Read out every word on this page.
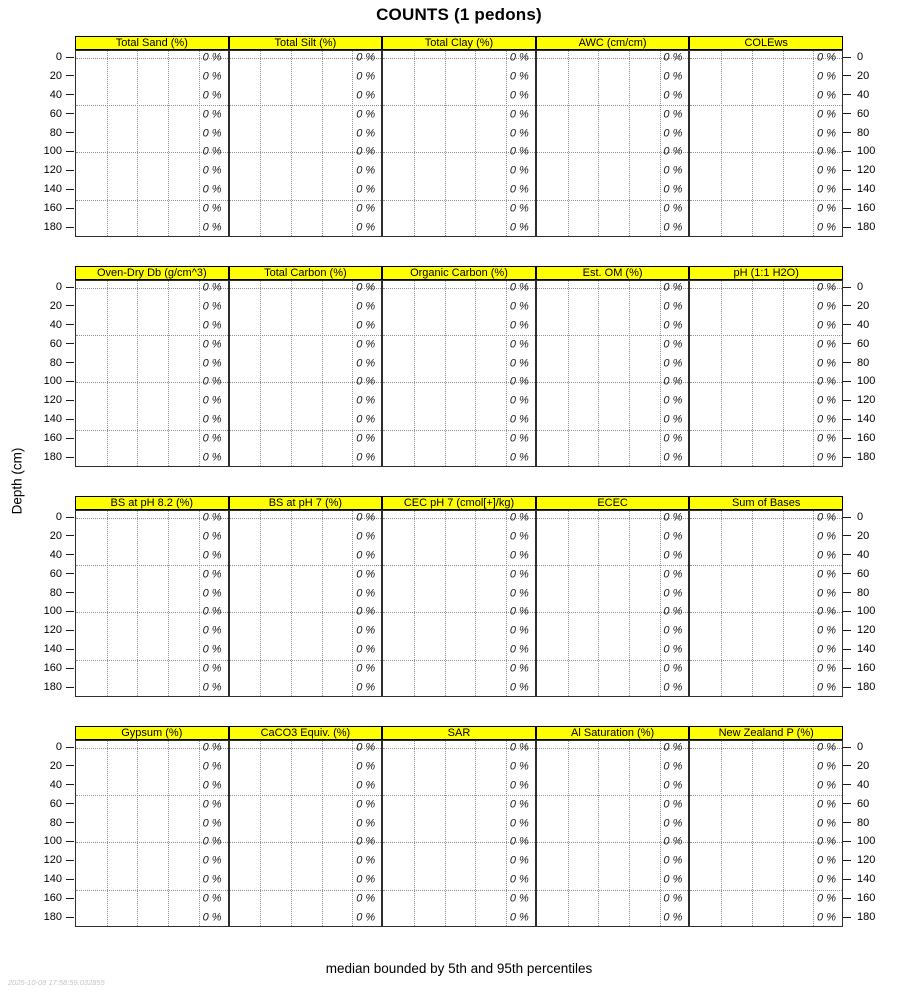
COUNTS (1 pedons)
Depth (cm)
median bounded by 5th and 95th percentiles
2025-10-08 17:58:59.032855
Total Sand (%)
0 %
0 %
0 %
0 %
0 %
0 %
0 %
0 %
0 %
0 %
Total Silt (%)
0 %
0 %
0 %
0 %
0 %
0 %
0 %
0 %
0 %
0 %
Total Clay (%)
0 %
0 %
0 %
0 %
0 %
0 %
0 %
0 %
0 %
0 %
AWC (cm/cm)
0 %
0 %
0 %
0 %
0 %
0 %
0 %
0 %
0 %
0 %
COLEws
0 %
0 %
0 %
0 %
0 %
0 %
0 %
0 %
0 %
0 %
0	0
20	20
40	40
60	60
80	80
100	100
120	120
140	140
160	160
180	180
Oven-Dry Db (g/cm^3)
0 %
0 %
0 %
0 %
0 %
0 %
0 %
0 %
0 %
0 %
Total Carbon (%)
0 %
0 %
0 %
0 %
0 %
0 %
0 %
0 %
0 %
0 %
Organic Carbon (%)
0 %
0 %
0 %
0 %
0 %
0 %
0 %
0 %
0 %
0 %
Est. OM (%)
0 %
0 %
0 %
0 %
0 %
0 %
0 %
0 %
0 %
0 %
pH (1:1 H2O)
0 %
0 %
0 %
0 %
0 %
0 %
0 %
0 %
0 %
0 %
0	0
20	20
40	40
60	60
80	80
100	100
120	120
140	140
160	160
180	180
BS at pH 8.2 (%)
0 %
0 %
0 %
0 %
0 %
0 %
0 %
0 %
0 %
0 %
BS at pH 7 (%)
0 %
0 %
0 %
0 %
0 %
0 %
0 %
0 %
0 %
0 %
CEC pH 7 (cmol[+]/kg)
0 %
0 %
0 %
0 %
0 %
0 %
0 %
0 %
0 %
0 %
ECEC
0 %
0 %
0 %
0 %
0 %
0 %
0 %
0 %
0 %
0 %
Sum of Bases
0 %
0 %
0 %
0 %
0 %
0 %
0 %
0 %
0 %
0 %
0	0
20	20
40	40
60	60
80	80
100	100
120	120
140	140
160	160
180	180
Gypsum (%)
0 %
0 %
0 %
0 %
0 %
0 %
0 %
0 %
0 %
0 %
CaCO3 Equiv. (%)
0 %
0 %
0 %
0 %
0 %
0 %
0 %
0 %
0 %
0 %
SAR
0 %
0 %
0 %
0 %
0 %
0 %
0 %
0 %
0 %
0 %
Al Saturation (%)
0 %
0 %
0 %
0 %
0 %
0 %
0 %
0 %
0 %
0 %
New Zealand P (%)
0 %
0 %
0 %
0 %
0 %
0 %
0 %
0 %
0 %
0 %
0	0
20	20
40	40
60	60
80	80
100	100
120	120
140	140
160	160
180	180
